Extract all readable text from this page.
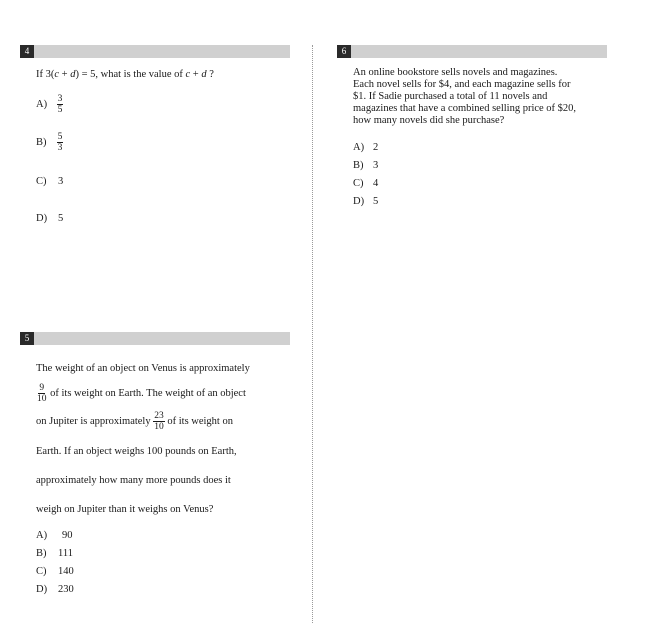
4
If 3(c + d) = 5, what is the value of c + d ?
$A) \frac{3}{5}$
$B) \frac{5}{3}$
C) 3
D) 5
6
An online bookstore sells novels and magazines.
Each novel sells for $4, and each magazine sells for
$1. If Sadie purchased a total of 11 novels and
magazines that have a combined selling price of $20,
how many novels did she purchase?
A) 2
B) 3
C) 4
D) 5
5
The weight of an object on Venus is approximately
$\frac{9}{10}$ of its weight on Earth. The weight of an object
on Jupiter is approximately $\frac{23}{10}$ of its weight on
Earth. If an object weighs 100 pounds on Earth,
approximately how many more pounds does it
weigh on Jupiter than it weighs on Venus?
A) 90
B) 111
C) 140
D) 230
